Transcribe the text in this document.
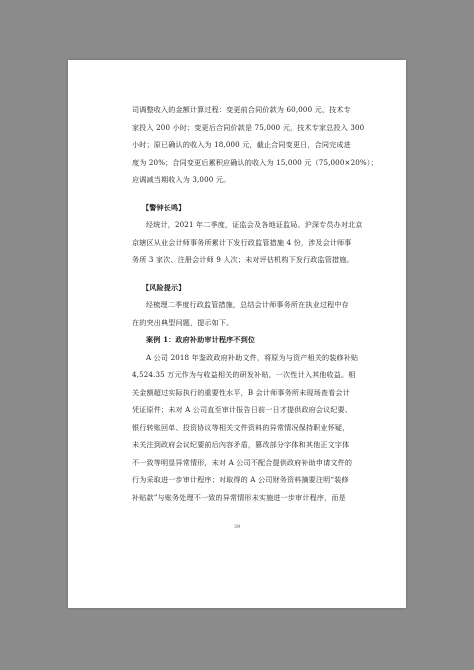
司调整收入的金额计算过程：变更前合同价款为 60,000 元，技术专
家投入 200 小时；变更后合同价款是 75,000 元，技术专家总投入 300
小时；原已确认的收入为 18,000 元，截止合同变更日，合同完成进
度为 20%；合同变更后累积应确认的收入为 15,000 元（75,000×20%）；
应调减当期收入为 3,000 元。
【警钟长鸣】
经统计，2021 年二季度，证监会及各地证监局、沪深专员办对北京
京辖区从业会计师事务所累计下发行政监管措施 4 份，涉及会计师事
务所 3 家次、注册会计师 9 人次；未对评估机构下发行政监管措施。
【风险提示】
经梳理二季度行政监管措施，总结会计师事务所在执业过程中存
在的突出典型问题，提示如下。
案例 1：政府补助审计程序不到位
A 公司 2018 年鉴政政府补助文件，将原为与资产相关的装修补贴
4,524.35 万元作为与收益相关的研发补贴，一次性计入其他收益。相
关金额超过实际执行的重要性水平，B 会计师事务所未现场查看会计
凭证原件；未对 A 公司直至审计报告日前一日才提供政府会议纪要、
银行转账回单、投资协议等相关文件资料的异常情况保持职业怀疑，
未关注到政府会议纪要前后內容矛盾，篡改部分字体和其他正文字体
不一致等明显异常情形，未对 A 公司不配合提供政府补助申请文件的
行为采取进一步审计程序；对取得的 A 公司财务资料摘要注明“装修
补贴款”与账务处理不一致的异常情形未实施进一步审计程序，而是
39
